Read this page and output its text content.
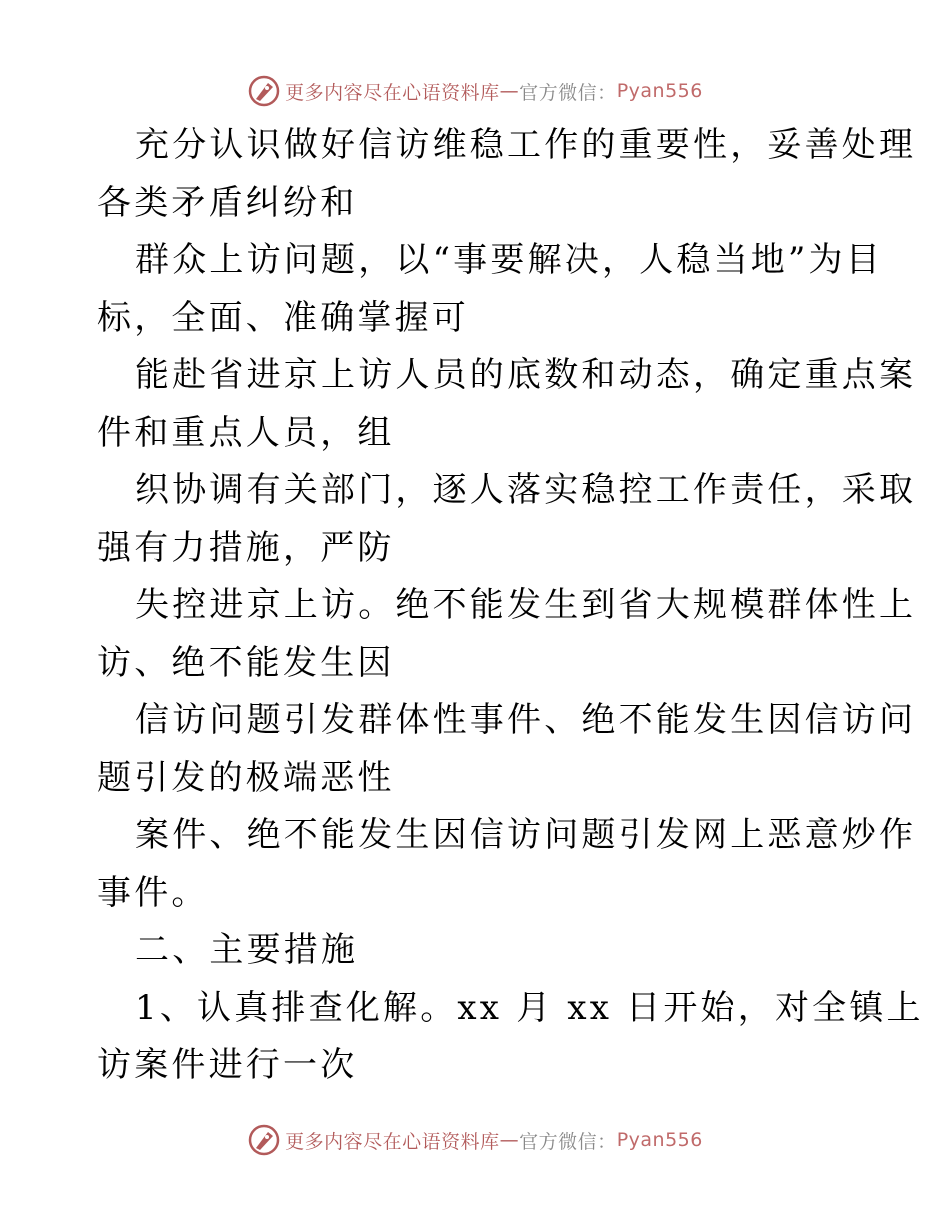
更多内容尽在心语资料库 — 官方微信： Pyan556
充分认识做好信访维稳工作的重要性，妥善处理
各类矛盾纠纷和
群众上访问题，以“事要解决，人稳当地”为目
标，全面、准确掌握可
能赴省进京上访人员的底数和动态，确定重点案
件和重点人员，组
织协调有关部门，逐人落实稳控工作责任，采取
强有力措施，严防
失控进京上访。绝不能发生到省大规模群体性上
访、绝不能发生因
信访问题引发群体性事件、绝不能发生因信访问
题引发的极端恶性
案件、绝不能发生因信访问题引发网上恶意炒作
事件。
二、主要措施
1、认真排查化解。xx 月 xx 日开始，对全镇上
访案件进行一次
更多内容尽在心语资料库 — 官方微信： Pyan556
